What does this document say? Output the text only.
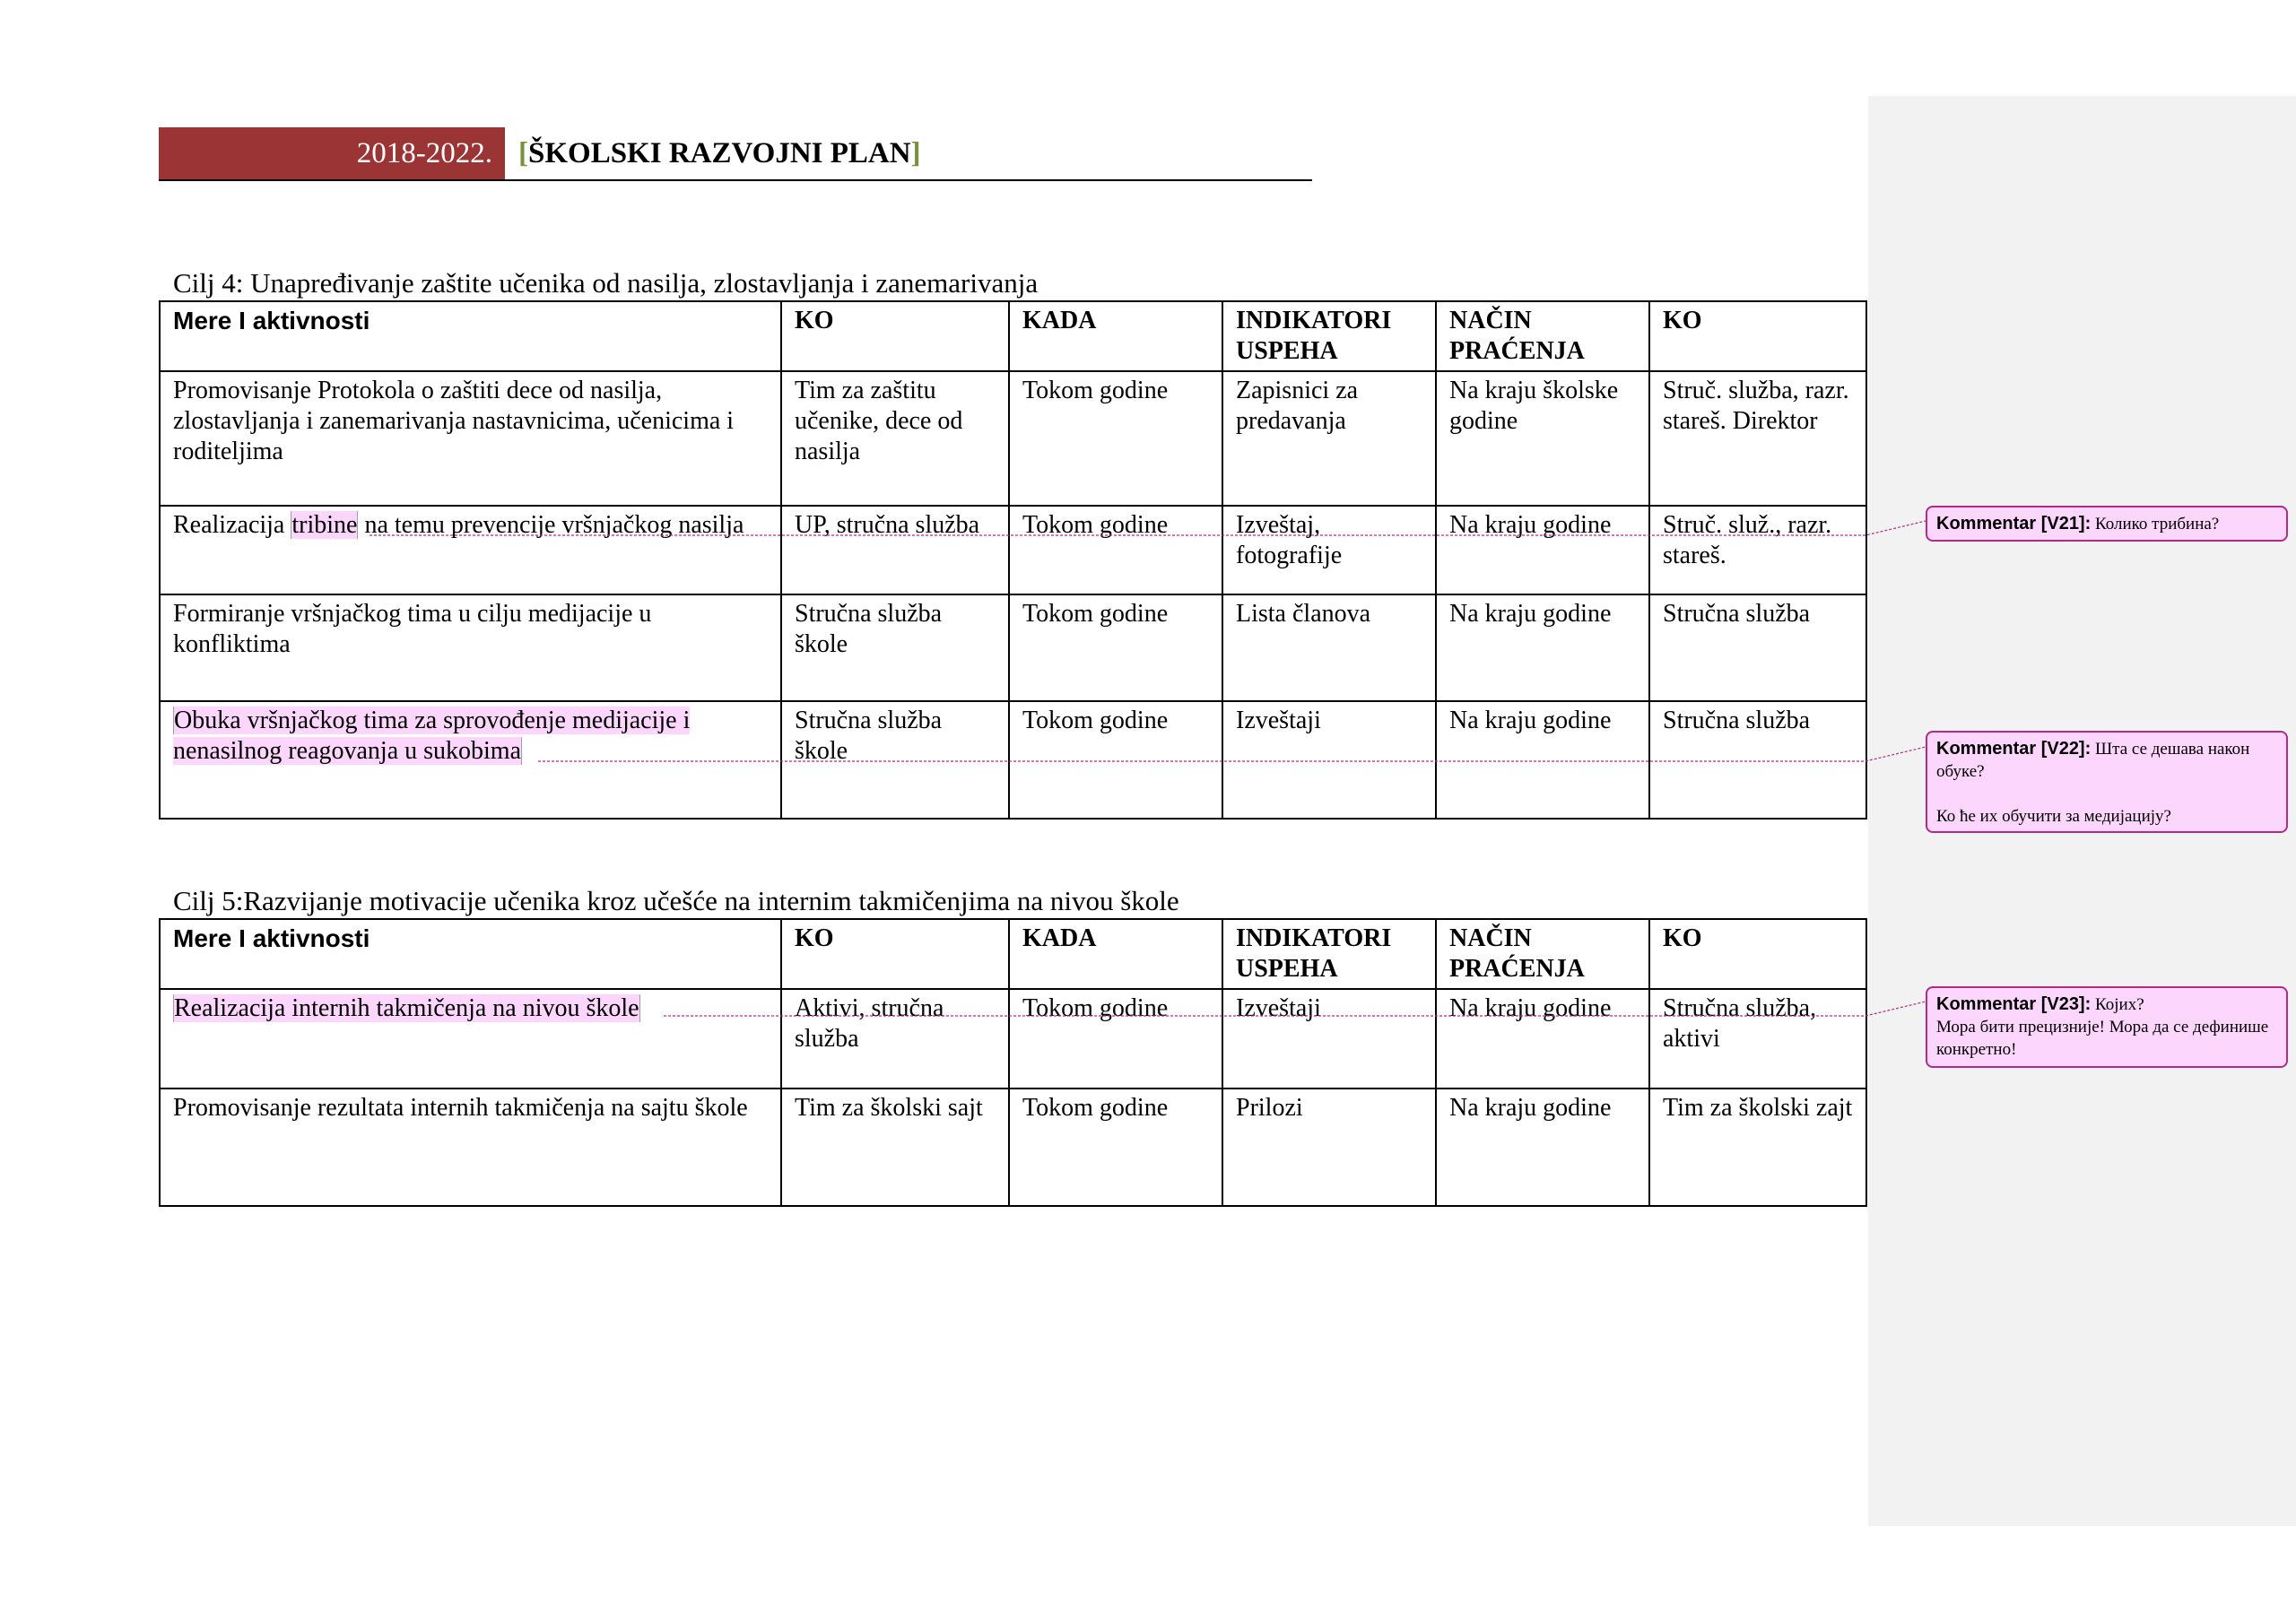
2018-2022. [ŠKOLSKI RAZVOJNI PLAN]
Cilj 4: Unapređivanje zaštite učenika od nasilja, zlostavljanja i zanemarivanja
Mere I aktivnosti	KO	KADA	INDIKATORI USPEHA	NAČIN PRAĆENJA	KO
Promovisanje Protokola o zaštiti dece od nasilja, zlostavljanja i zanemarivanja nastavnicima, učenicima i roditeljima	Tim za zaštitu učenike, dece od nasilja	Tokom godine	Zapisnici za predavanja	Na kraju školske godine	Struč. služba, razr. stareš. Direktor
Realizacija tribine na temu prevencije vršnjačkog nasilja	UP, stručna služba	Tokom godine	Izveštaj, fotografije	Na kraju godine	Struč. služ., razr. stareš.
Formiranje vršnjačkog tima u cilju medijacije u konfliktima	Stručna služba škole	Tokom godine	Lista članova	Na kraju godine	Stručna služba
Obuka vršnjačkog tima za sprovođenje medijacije i nenasilnog reagovanja u sukobima	Stručna služba škole	Tokom godine	Izveštaji	Na kraju godine	Stručna služba
Cilj 5:Razvijanje motivacije učenika kroz učešće na internim takmičenjima na nivou škole
Mere I aktivnosti	KO	KADA	INDIKATORI USPEHA	NAČIN PRAĆENJA	KO
Realizacija internih takmičenja na nivou škole	Aktivi, stručna služba	Tokom godine	Izveštaji	Na kraju godine	Stručna služba, aktivi
Promovisanje rezultata internih takmičenja na sajtu škole	Tim za školski sajt	Tokom godine	Prilozi	Na kraju godine	Tim za školski zajt
Kommentar [V21]: Колико трибина?
Kommentar [V22]: Шта се дешава након обуке?
Ко ће их обучити за медијацију?
Kommentar [V23]: Којих?
Мора бити прецизније! Мора да се дефинише конкретно!
